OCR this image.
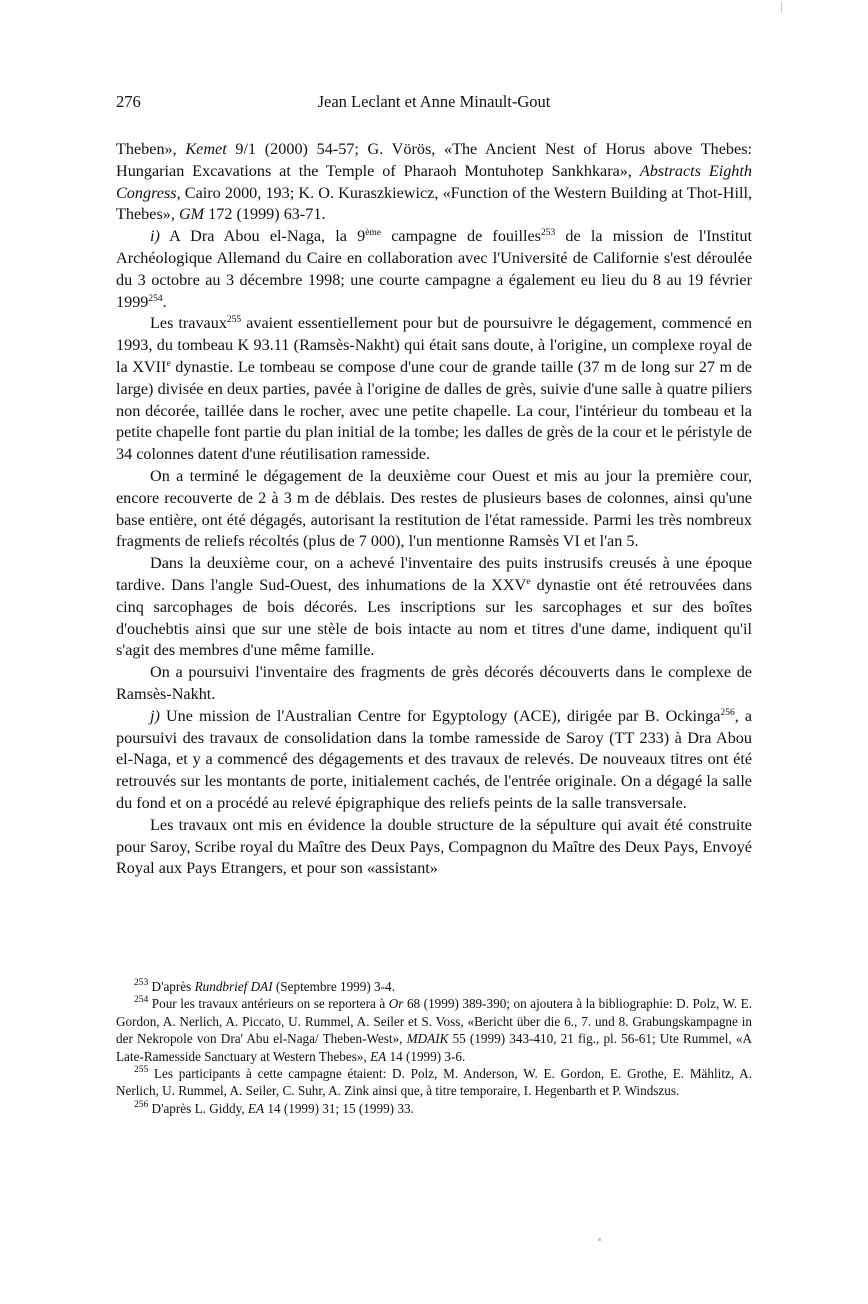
276	Jean Leclant et Anne Minault-Gout

Theben», Kemet 9/1 (2000) 54-57; G. Vörös, «The Ancient Nest of Horus above Thebes: Hungarian Excavations at the Temple of Pharaoh Montuhotep Sankhkara», Abstracts Eighth Congress, Cairo 2000, 193; K. O. Kuraszkiewicz, «Function of the Western Building at Thot-Hill, Thebes», GM 172 (1999) 63-71.

i) A Dra Abou el-Naga, la 9ème campagne de fouilles$^{253}$ de la mission de l'Institut Archéologique Allemand du Caire en collaboration avec l'Université de Californie s'est déroulée du 3 octobre au 3 décembre 1998; une courte campagne a également eu lieu du 8 au 19 février 1999$^{254}$.

Les travaux$^{255}$ avaient essentiellement pour but de poursuivre le dégagement, commencé en 1993, du tombeau K 93.11 (Ramsès-Nakht) qui était sans doute, à l'origine, un complexe royal de la XVIIe dynastie. Le tombeau se compose d'une cour de grande taille (37 m de long sur 27 m de large) divisée en deux parties, pavée à l'origine de dalles de grès, suivie d'une salle à quatre piliers non décorée, taillée dans le rocher, avec une petite chapelle. La cour, l'intérieur du tombeau et la petite chapelle font partie du plan initial de la tombe; les dalles de grès de la cour et le péristyle de 34 colonnes datent d'une réutilisation ramesside.

On a terminé le dégagement de la deuxième cour Ouest et mis au jour la première cour, encore recouverte de 2 à 3 m de déblais. Des restes de plusieurs bases de colonnes, ainsi qu'une base entière, ont été dégagés, autorisant la restitution de l'état ramesside. Parmi les très nombreux fragments de reliefs récoltés (plus de 7 000), l'un mentionne Ramsès VI et l'an 5.

Dans la deuxième cour, on a achevé l'inventaire des puits instrusifs creusés à une époque tardive. Dans l'angle Sud-Ouest, des inhumations de la XXVe dynastie ont été retrouvées dans cinq sarcophages de bois décorés. Les inscriptions sur les sarcophages et sur des boîtes d'ouchebtis ainsi que sur une stèle de bois intacte au nom et titres d'une dame, indiquent qu'il s'agit des membres d'une même famille.

On a poursuivi l'inventaire des fragments de grès décorés découverts dans le complexe de Ramsès-Nakht.

j) Une mission de l'Australian Centre for Egyptology (ACE), dirigée par B. Ockinga$^{256}$, a poursuivi des travaux de consolidation dans la tombe ramesside de Saroy (TT 233) à Dra Abou el-Naga, et y a commencé des dégagements et des travaux de relevés. De nouveaux titres ont été retrouvés sur les montants de porte, initialement cachés, de l'entrée originale. On a dégagé la salle du fond et on a procédé au relevé épigraphique des reliefs peints de la salle transversale.

Les travaux ont mis en évidence la double structure de la sépulture qui avait été construite pour Saroy, Scribe royal du Maître des Deux Pays, Compagnon du Maître des Deux Pays, Envoyé Royal aux Pays Etrangers, et pour son «assistant»

$^{253}$ D'après Rundbrief DAI (Septembre 1999) 3-4.

$^{254}$ Pour les travaux antérieurs on se reportera à Or 68 (1999) 389-390; on ajoutera à la bibliographie: D. Polz, W. E. Gordon, A. Nerlich, A. Piccato, U. Rummel, A. Seiler et S. Voss, «Bericht über die 6., 7. und 8. Grabungskampagne in der Nekropole von Dra' Abu el-Naga/ Theben-West», MDAIK 55 (1999) 343-410, 21 fig., pl. 56-61; Ute Rummel, «A Late-Ramesside Sanctuary at Western Thebes», EA 14 (1999) 3-6.

$^{255}$ Les participants à cette campagne étaient: D. Polz, M. Anderson, W. E. Gordon, E. Grothe, E. Mählitz, A. Nerlich, U. Rummel, A. Seiler, C. Suhr, A. Zink ainsi que, à titre temporaire, I. Hegenbarth et P. Windszus.

$^{256}$ D'après L. Giddy, EA 14 (1999) 31; 15 (1999) 33.
